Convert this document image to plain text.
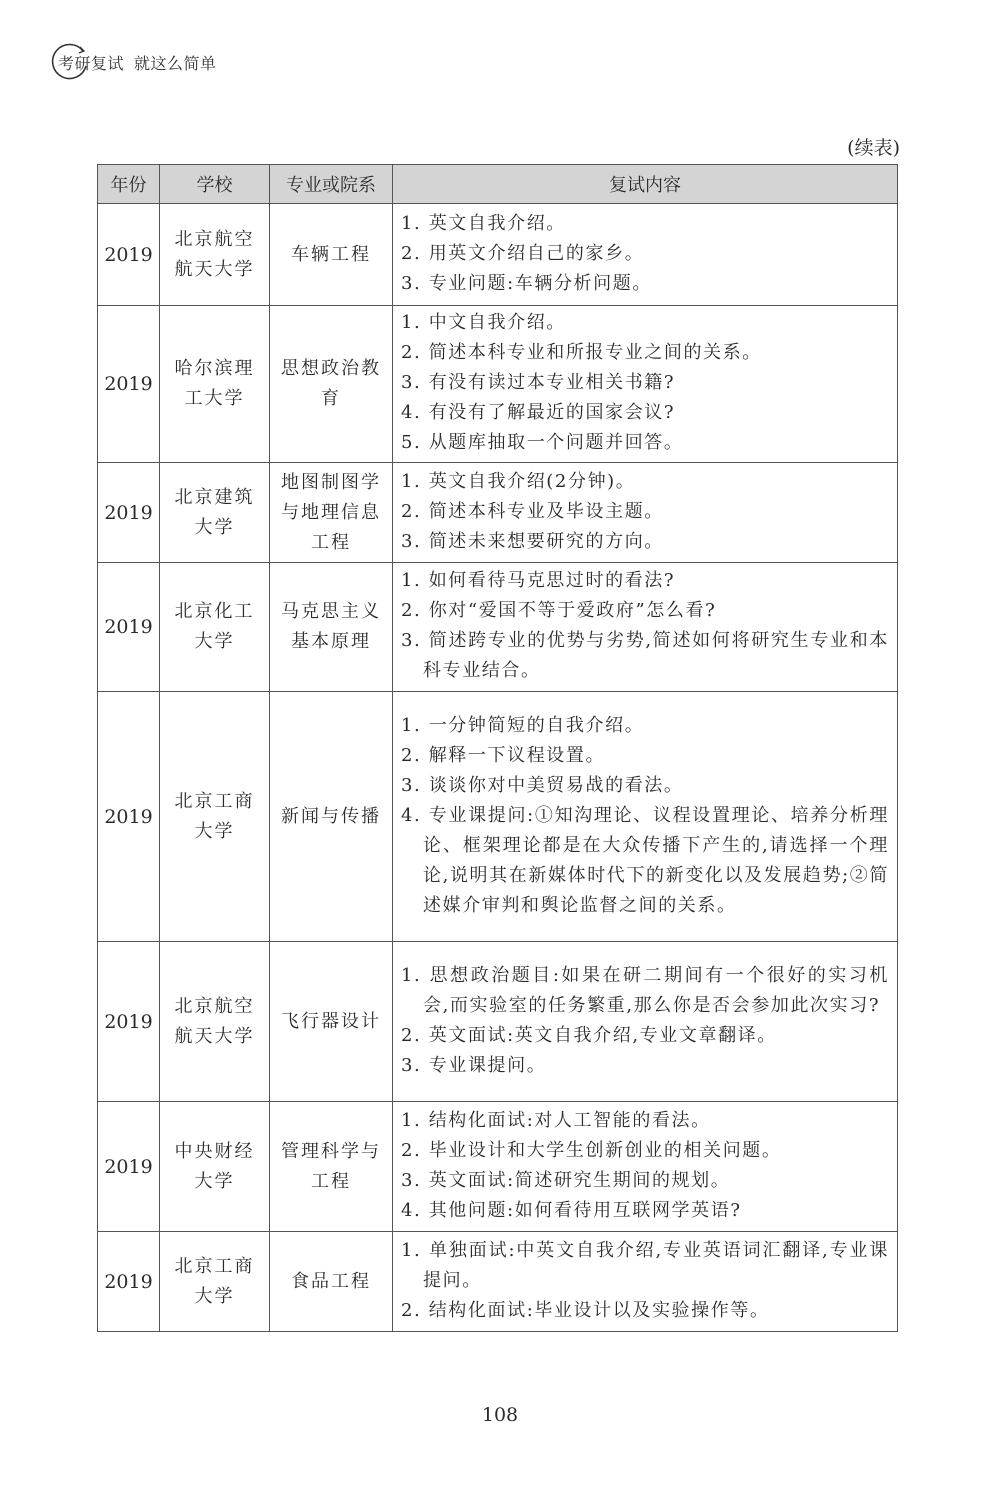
考研复试 就这么简单
(续表)
年份	学校	专业或院系	复试内容
2019	北京航空航天大学	车辆工程	1. 英文自我介绍。
2. 用英文介绍自己的家乡。
3. 专业问题:车辆分析问题。

2019	哈尔滨理工大学	思想政治教育	1. 中文自我介绍。
2. 简述本科专业和所报专业之间的关系。
3. 有没有读过本专业相关书籍?
4. 有没有了解最近的国家会议?
5. 从题库抽取一个问题并回答。

2019	北京建筑大学	地图制图学与地理信息工程	1. 英文自我介绍(2分钟)。
2. 简述本科专业及毕设主题。
3. 简述未来想要研究的方向。

2019	北京化工大学	马克思主义基本原理	1. 如何看待马克思过时的看法?
2. 你对“爱国不等于爱政府”怎么看?
3. 简述跨专业的优势与劣势,简述如何将研究生专业和本科专业结合。

2019	北京工商大学	新闻与传播	1. 一分钟简短的自我介绍。
2. 解释一下议程设置。
3. 谈谈你对中美贸易战的看法。
4. 专业课提问:①知沟理论、议程设置理论、培养分析理论、框架理论都是在大众传播下产生的,请选择一个理论,说明其在新媒体时代下的新变化以及发展趋势;②简述媒介审判和舆论监督之间的关系。

2019	北京航空航天大学	飞行器设计	1. 思想政治题目:如果在研二期间有一个很好的实习机会,而实验室的任务繁重,那么你是否会参加此次实习?
2. 英文面试:英文自我介绍,专业文章翻译。
3. 专业课提问。

2019	中央财经大学	管理科学与工程	1. 结构化面试:对人工智能的看法。
2. 毕业设计和大学生创新创业的相关问题。
3. 英文面试:简述研究生期间的规划。
4. 其他问题:如何看待用互联网学英语?

2019	北京工商大学	食品工程	1. 单独面试:中英文自我介绍,专业英语词汇翻译,专业课提问。
2. 结构化面试:毕业设计以及实验操作等。
108
